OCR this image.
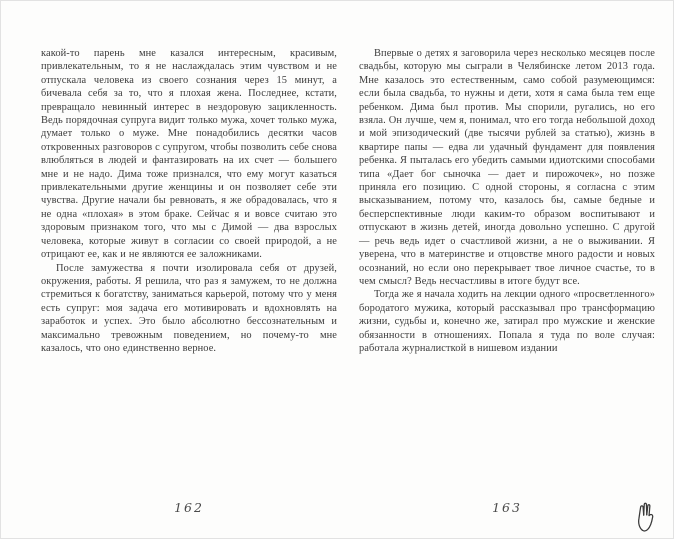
какой-то парень мне казался интересным, красивым, привлекательным, то я не наслаждалась этим чувством и не отпускала человека из своего сознания через 15 минут, а бичевала себя за то, что я плохая жена. Последнее, кстати, превращало невинный интерес в нездоровую зацикленность. Ведь порядочная супруга видит только мужа, хочет только мужа, думает только о муже. Мне понадобились десятки часов откровенных разговоров с супругом, чтобы позволить себе снова влюбляться в людей и фантазировать на их счет — большего мне и не надо. Дима тоже признался, что ему могут казаться привлекательными другие женщины и он позволяет себе эти чувства. Другие начали бы ревновать, я же обрадовалась, что я не одна «плохая» в этом браке. Сейчас я и вовсе считаю это здоровым признаком того, что мы с Димой — два взрослых человека, которые живут в согласии со своей природой, а не отрицают ее, как и не являются ее заложниками.

После замужества я почти изолировала себя от друзей, окружения, работы. Я решила, что раз я замужем, то не должна стремиться к богатству, заниматься карьерой, потому что у меня есть супруг: моя задача его мотивировать и вдохновлять на заработок и успех. Это было абсолютно бессознательным и максимально тревожным поведением, но почему-то мне казалось, что оно единственно верное.

Впервые о детях я заговорила через несколько месяцев после свадьбы, которую мы сыграли в Челябинске летом 2013 года. Мне казалось это естественным, само собой разумеющимся: если была свадьба, то нужны и дети, хотя я сама была тем еще ребенком. Дима был против. Мы спорили, ругались, но его взяла. Он лучше, чем я, понимал, что его тогда небольшой доход и мой эпизодический (две тысячи рублей за статью), жизнь в квартире папы — едва ли удачный фундамент для появления ребенка. Я пыталась его убедить самыми идиотскими способами типа «Дает бог сыночка — дает и пирожочек», но позже приняла его позицию. С одной стороны, я согласна с этим высказыванием, потому что, казалось бы, самые бедные и бесперспективные люди каким-то образом воспитывают и отпускают в жизнь детей, иногда довольно успешно. С другой — речь ведь идет о счастливой жизни, а не о выживании. Я уверена, что в материнстве и отцовстве много радости и новых осознаний, но если оно перекрывает твое личное счастье, то в чем смысл? Ведь несчастливы в итоге будут все.

Тогда же я начала ходить на лекции одного «просветленного» бородатого мужика, который рассказывал про трансформацию жизни, судьбы и, конечно же, затирал про мужские и женские обязанности в отношениях. Попала я туда по воле случая: работала журналисткой в нишевом издании

162	163
